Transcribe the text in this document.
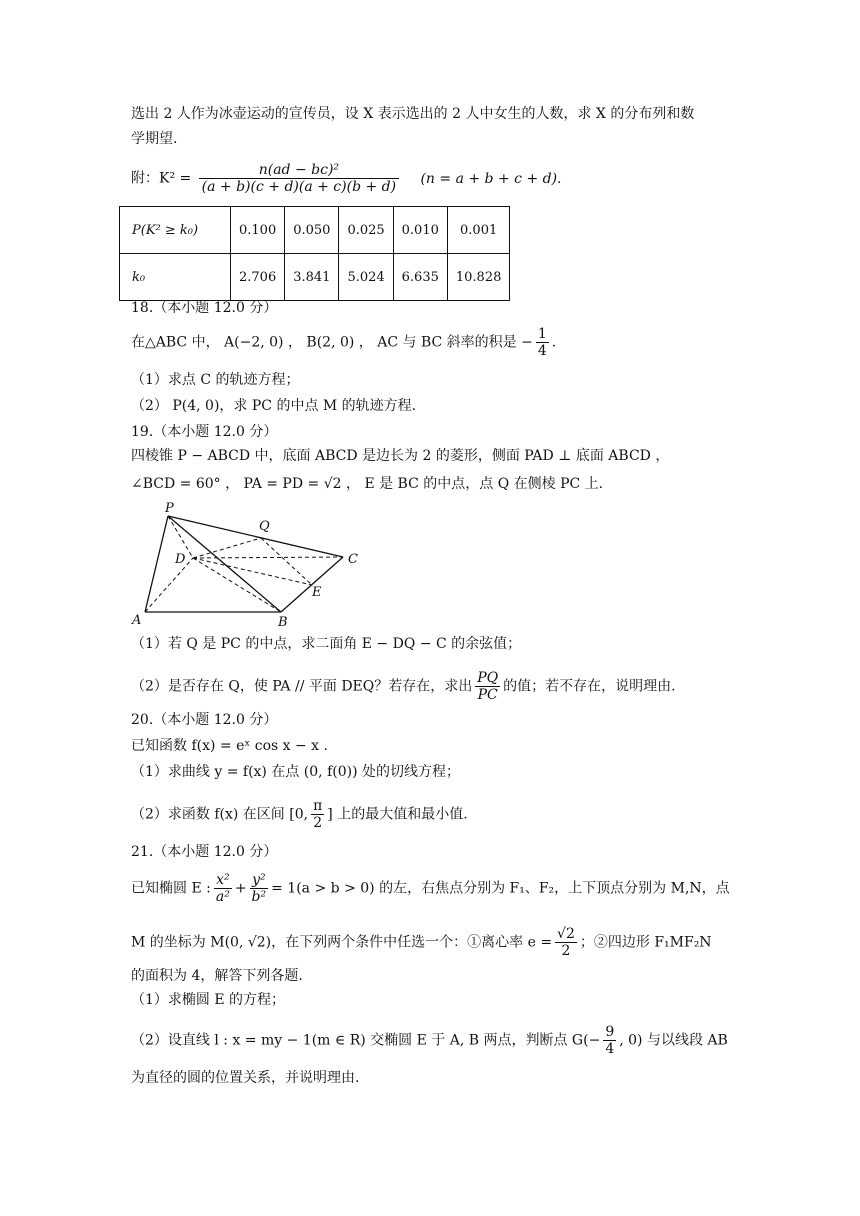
选出 2 人作为冰壶运动的宣传员，设 X 表示选出的 2 人中女生的人数，求 X 的分布列和数
学期望.
附：$K^2 = \frac{\text{n(ad − bc)²}}{(a + b)(c + d)(a + c)(b + d)} (n = a + b + c + d)$.
P(K² ≥ k₀)	0.100	0.050	0.025	0.010	0.001
k₀	2.706	3.841	5.024	6.635	10.828
18.（本小题 12.0 分）
在△ABC 中， A(−2, 0) ， B(2, 0) ， AC 与 BC 斜率的积是 − $\frac{1}{4}$ .
（1）求点 C 的轨迹方程；
（2） P(4, 0)，求 PC 的中点 M 的轨迹方程.
19.（本小题 12.0 分）
四棱锥 P − ABCD 中，底面 ABCD 是边长为 2 的菱形，侧面 PAD ⊥ 底面 ABCD ，
∠BCD = 60° ， PA = PD = √2 ， E 是 BC 的中点，点 Q 在侧棱 PC 上.
P
Q
D	C
E
A	B
（1）若 Q 是 PC 的中点，求二面角 E − DQ − C 的余弦值；
（2）是否存在 Q，使 PA // 平面 DEQ？若存在，求出 $\frac{PQ}{PC}$ 的值；若不存在，说明理由.
20.（本小题 12.0 分）
已知函数 f(x) = eˣ cos x − x .
（1）求曲线 y = f(x) 在点 (0, f(0)) 处的切线方程；
（2）求函数 f(x) 在区间 [0, $\frac{\pi}{2}$ ] 上的最大值和最小值.
21.（本小题 12.0 分）
已知椭圆 E : $\frac{\text{x²}}{\text{a²}} + \frac{\text{y²}}{\text{b²}} = 1(a > b > 0)$ 的左，右焦点分别为 F₁、F₂，上下顶点分别为 M,N，点
M 的坐标为 M(0, √2)，在下列两个条件中任选一个：①离心率 $e = \frac{√2}{2}$ ；②四边形 F₁MF₂N
的面积为 4，解答下列各题.
（1）求椭圆 E 的方程；
（2）设直线 l : x = my − 1(m ∈ R) 交椭圆 E 于 A, B 两点，判断点 $G(- \frac{9}{4}$ , 0) 与以线段 AB
为直径的圆的位置关系，并说明理由.
